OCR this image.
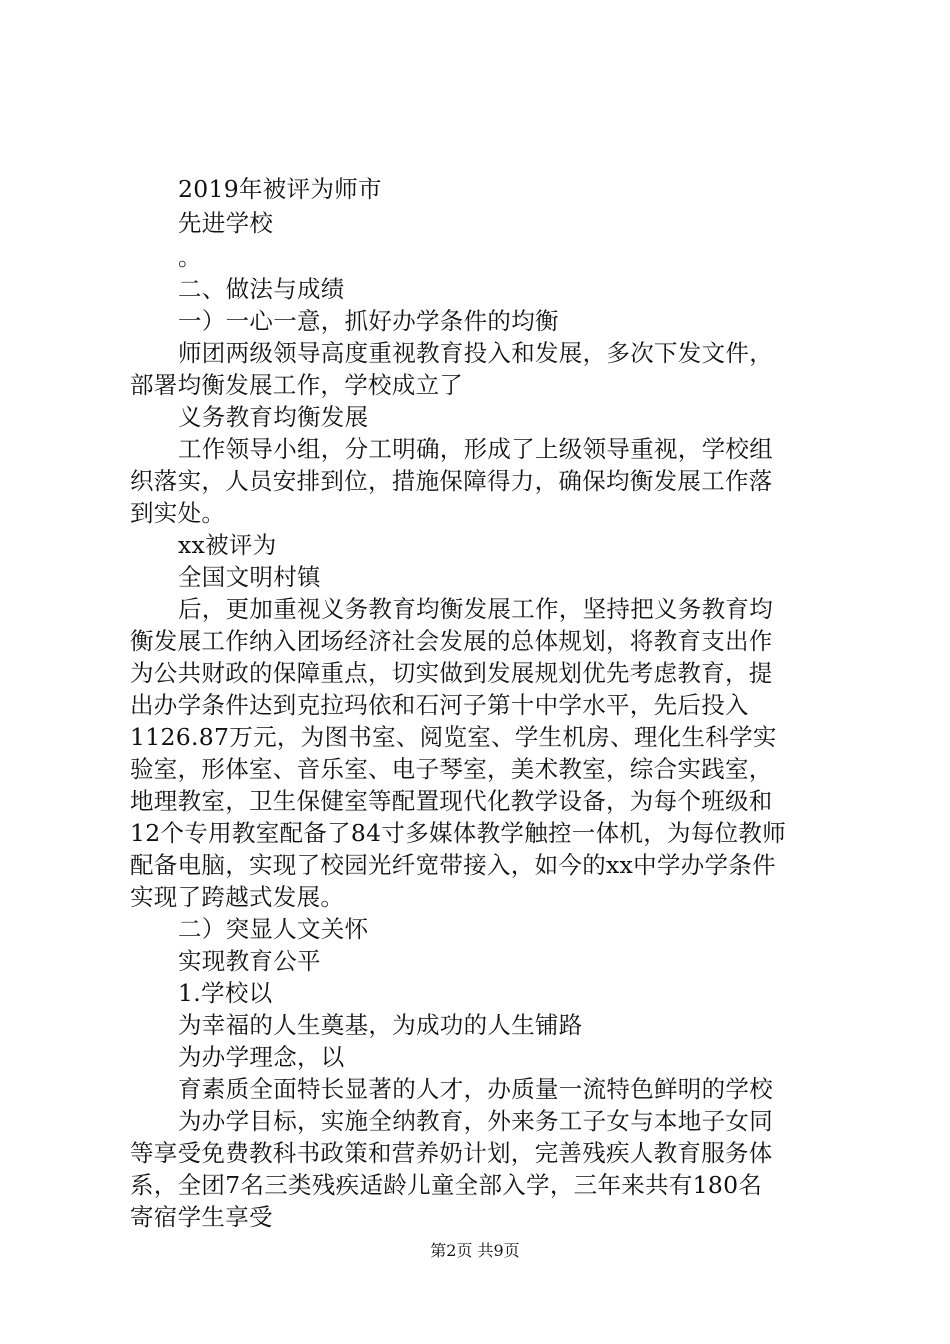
2019年被评为师市
先进学校
。
二、做法与成绩
一）一心一意，抓好办学条件的均衡
师团两级领导高度重视教育投入和发展，多次下发文件，
部署均衡发展工作，学校成立了
义务教育均衡发展
工作领导小组，分工明确，形成了上级领导重视，学校组
织落实，人员安排到位，措施保障得力，确保均衡发展工作落
到实处。
xx被评为
全国文明村镇
后，更加重视义务教育均衡发展工作，坚持把义务教育均
衡发展工作纳入团场经济社会发展的总体规划，将教育支出作
为公共财政的保障重点，切实做到发展规划优先考虑教育，提
出办学条件达到克拉玛依和石河子第十中学水平，先后投入
1126.87万元，为图书室、阅览室、学生机房、理化生科学实
验室，形体室、音乐室、电子琴室，美术教室，综合实践室，
地理教室，卫生保健室等配置现代化教学设备，为每个班级和
12个专用教室配备了84寸多媒体教学触控一体机，为每位教师
配备电脑，实现了校园光纤宽带接入，如今的xx中学办学条件
实现了跨越式发展。
二）突显人文关怀
实现教育公平
1.学校以
为幸福的人生奠基，为成功的人生铺路
为办学理念，以
育素质全面特长显著的人才，办质量一流特色鲜明的学校
为办学目标，实施全纳教育，外来务工子女与本地子女同
等享受免费教科书政策和营养奶计划，完善残疾人教育服务体
系，全团7名三类残疾适龄儿童全部入学，三年来共有180名
寄宿学生享受
第2页 共9页
